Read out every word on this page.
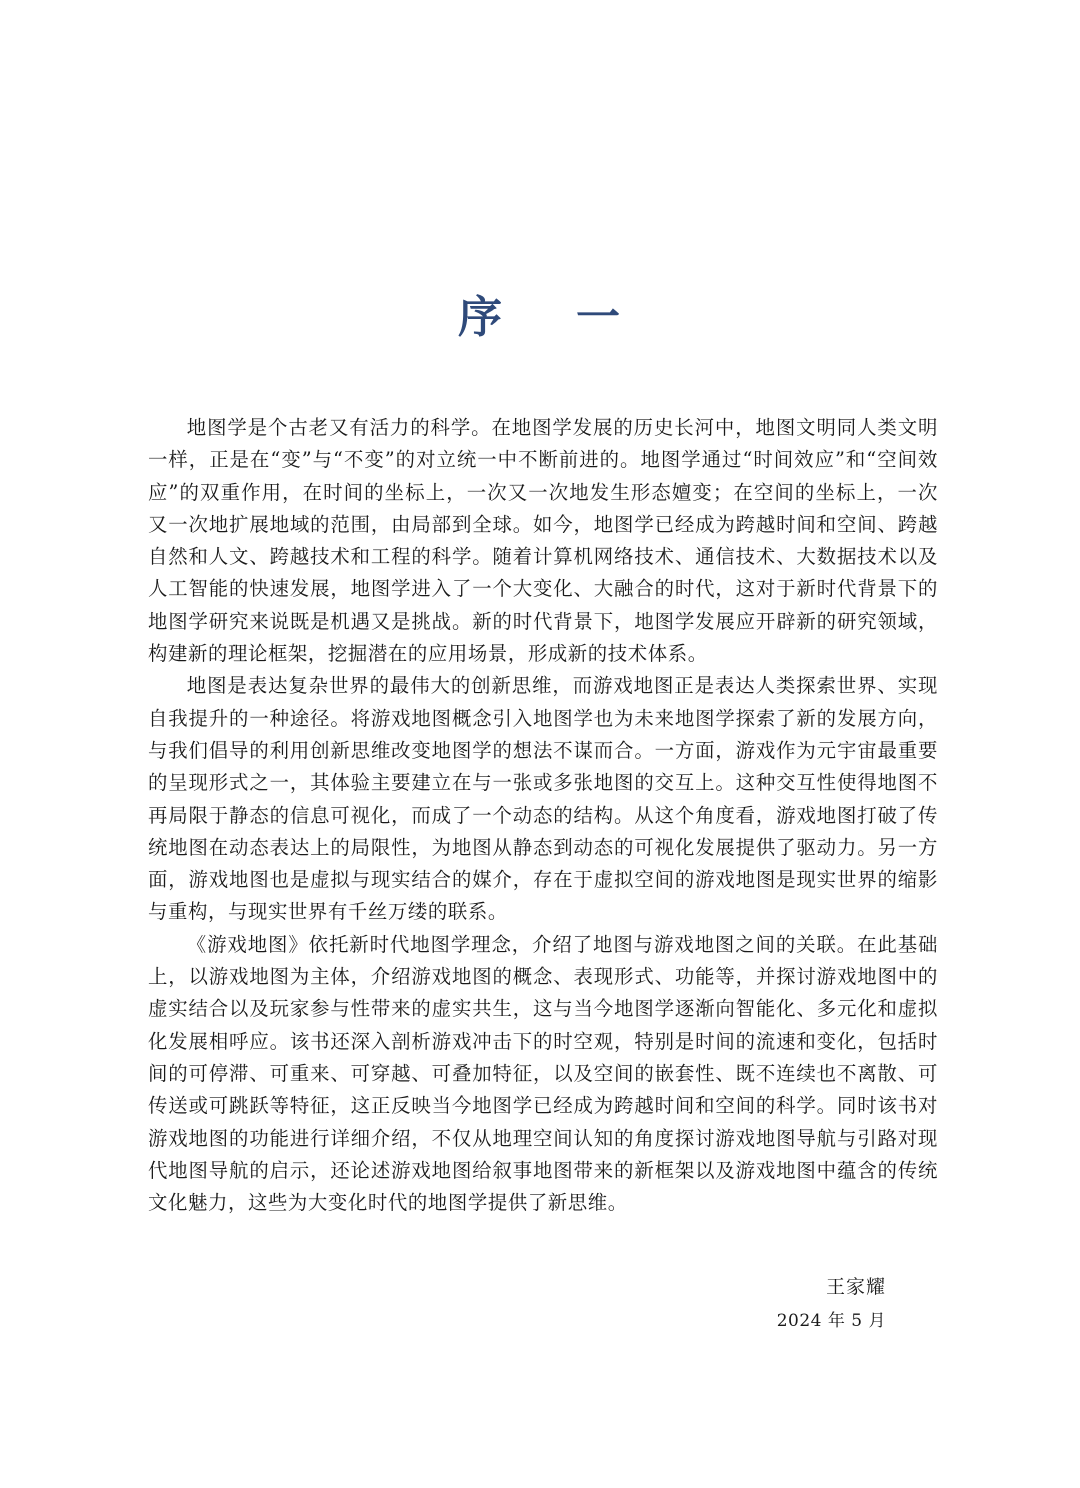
序 一

地图学是个古老又有活力的科学。在地图学发展的历史长河中，地图文明同人类文明一样，正是在“变”与“不变”的对立统一中不断前进的。地图学通过“时间效应”和“空间效应”的双重作用，在时间的坐标上，一次又一次地发生形态嬗变；在空间的坐标上，一次又一次地扩展地域的范围，由局部到全球。如今，地图学已经成为跨越时间和空间、跨越自然和人文、跨越技术和工程的科学。随着计算机网络技术、通信技术、大数据技术以及人工智能的快速发展，地图学进入了一个大变化、大融合的时代，这对于新时代背景下的地图学研究来说既是机遇又是挑战。新的时代背景下，地图学发展应开辟新的研究领域，构建新的理论框架，挖掘潜在的应用场景，形成新的技术体系。

地图是表达复杂世界的最伟大的创新思维，而游戏地图正是表达人类探索世界、实现自我提升的一种途径。将游戏地图概念引入地图学也为未来地图学探索了新的发展方向，与我们倡导的利用创新思维改变地图学的想法不谋而合。一方面，游戏作为元宇宙最重要的呈现形式之一，其体验主要建立在与一张或多张地图的交互上。这种交互性使得地图不再局限于静态的信息可视化，而成了一个动态的结构。从这个角度看，游戏地图打破了传统地图在动态表达上的局限性，为地图从静态到动态的可视化发展提供了驱动力。另一方面，游戏地图也是虚拟与现实结合的媒介，存在于虚拟空间的游戏地图是现实世界的缩影与重构，与现实世界有千丝万缕的联系。

《游戏地图》依托新时代地图学理念，介绍了地图与游戏地图之间的关联。在此基础上，以游戏地图为主体，介绍游戏地图的概念、表现形式、功能等，并探讨游戏地图中的虚实结合以及玩家参与性带来的虚实共生，这与当今地图学逐渐向智能化、多元化和虚拟化发展相呼应。该书还深入剖析游戏冲击下的时空观，特别是时间的流速和变化，包括时间的可停滞、可重来、可穿越、可叠加特征，以及空间的嵌套性、既不连续也不离散、可传送或可跳跃等特征，这正反映当今地图学已经成为跨越时间和空间的科学。同时该书对游戏地图的功能进行详细介绍，不仅从地理空间认知的角度探讨游戏地图导航与引路对现代地图导航的启示，还论述游戏地图给叙事地图带来的新框架以及游戏地图中蕴含的传统文化魅力，这些为大变化时代的地图学提供了新思维。

王家耀
2024 年 5 月
